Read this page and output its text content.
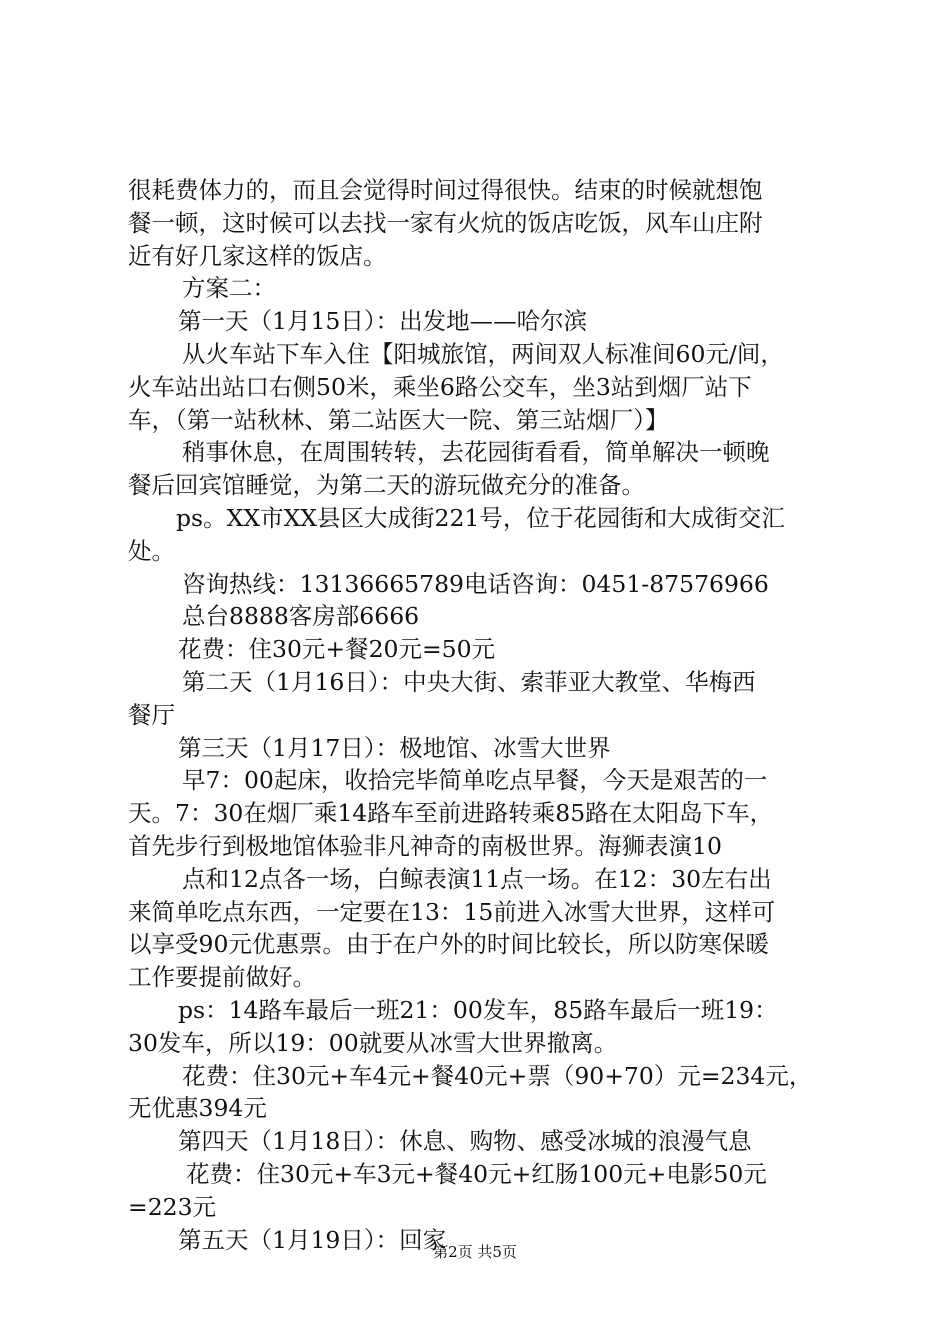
很耗费体力的，而且会觉得时间过得很快。结束的时候就想饱
餐一顿，这时候可以去找一家有火炕的饭店吃饭，风车山庄附
近有好几家这样的饭店。
方案二：
第一天（1月15日）：出发地——哈尔滨
从火车站下车入住【阳城旅馆，两间双人标准间60元/间，
火车站出站口右侧50米，乘坐6路公交车，坐3站到烟厂站下
车，（第一站秋林、第二站医大一院、第三站烟厂）】
稍事休息，在周围转转，去花园街看看，简单解决一顿晚
餐后回宾馆睡觉，为第二天的游玩做充分的准备。
ps。XX市XX县区大成街221号，位于花园街和大成街交汇
处。
咨询热线：13136665789电话咨询：0451-87576966
总台8888客房部6666
花费：住30元+餐20元=50元
第二天（1月16日）：中央大街、索菲亚大教堂、华梅西
餐厅
第三天（1月17日）：极地馆、冰雪大世界
早7：00起床，收拾完毕简单吃点早餐，今天是艰苦的一
天。7：30在烟厂乘14路车至前进路转乘85路在太阳岛下车，
首先步行到极地馆体验非凡神奇的南极世界。海狮表演10
点和12点各一场，白鲸表演11点一场。在12：30左右出
来简单吃点东西，一定要在13：15前进入冰雪大世界，这样可
以享受90元优惠票。由于在户外的时间比较长，所以防寒保暖
工作要提前做好。
ps：14路车最后一班21：00发车，85路车最后一班19：
30发车，所以19：00就要从冰雪大世界撤离。
花费：住30元+车4元+餐40元+票（90+70）元=234元，
无优惠394元
第四天（1月18日）：休息、购物、感受冰城的浪漫气息
花费：住30元+车3元+餐40元+红肠100元+电影50元
=223元
第五天（1月19日）：回家
第2页 共5页
